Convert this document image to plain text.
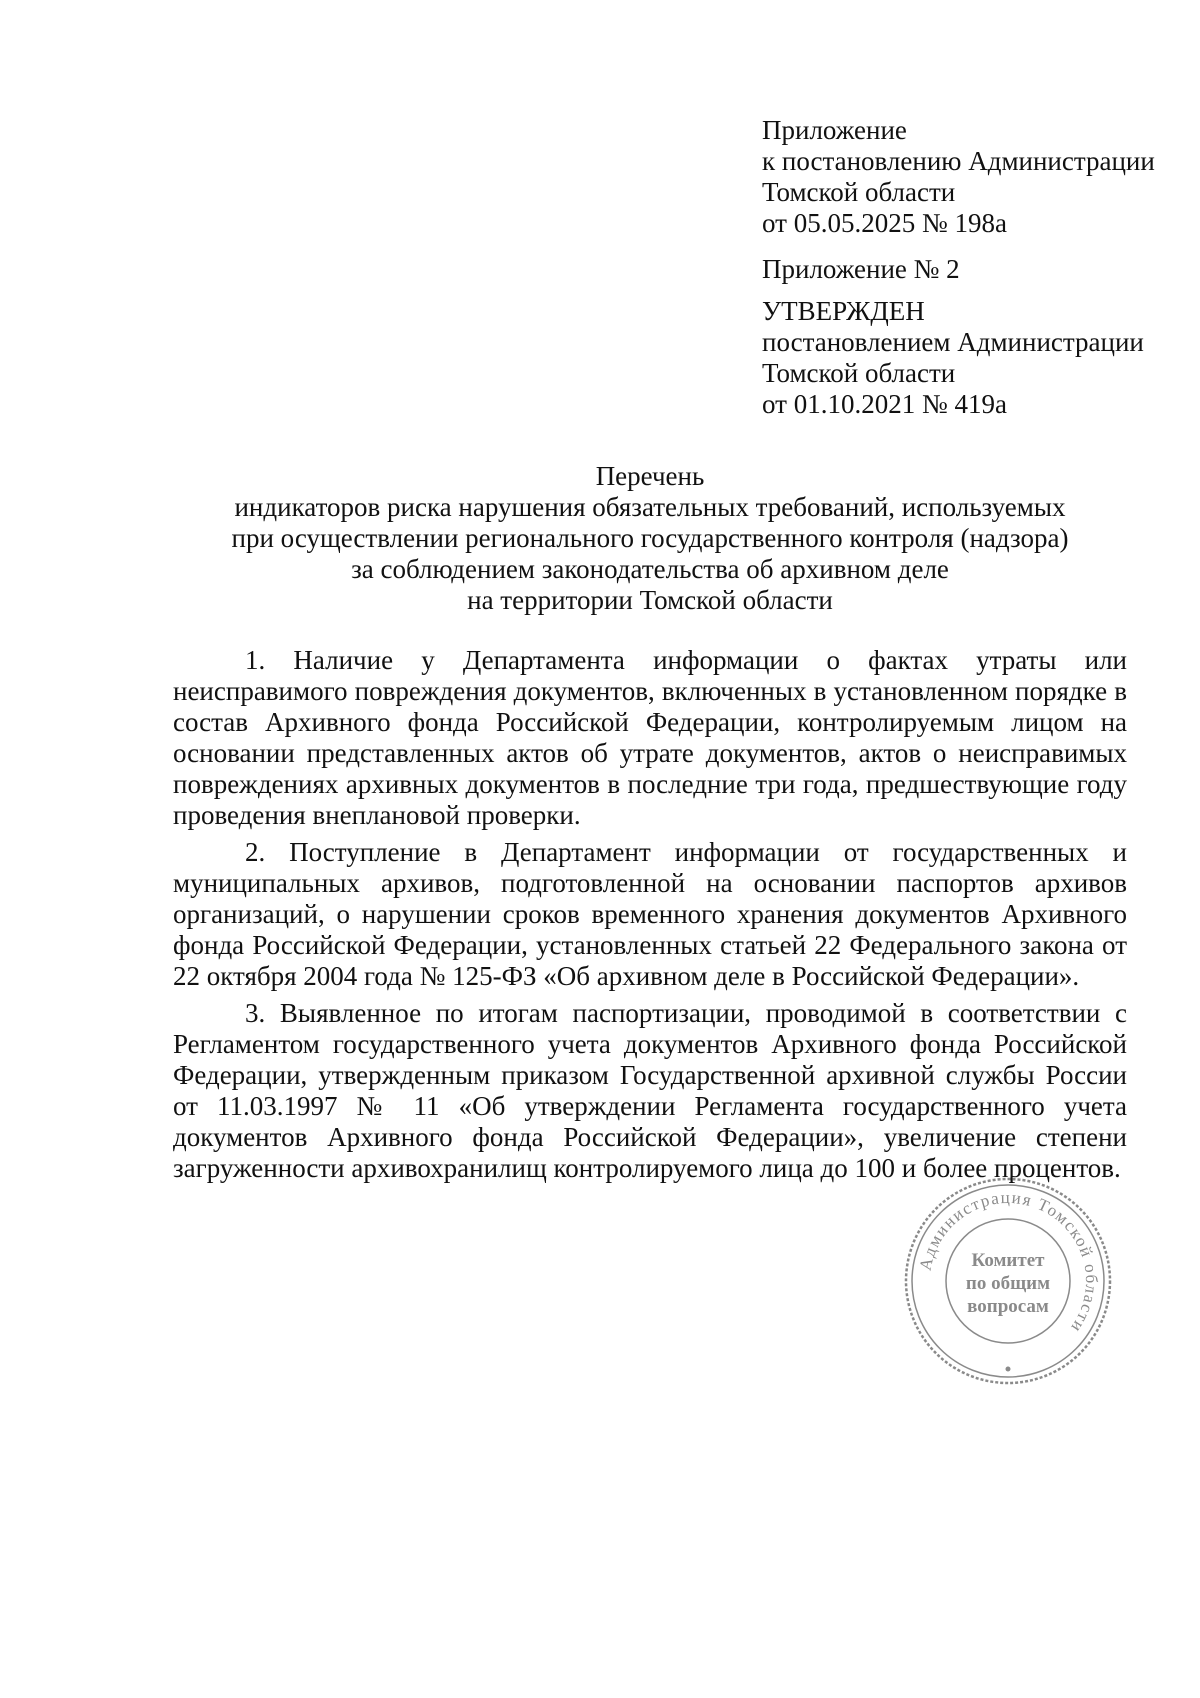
Приложение
к постановлению Администрации
Томской области
от 05.05.2025 № 198а
Приложение № 2
УТВЕРЖДЕН
постановлением Администрации
Томской области
от 01.10.2021 № 419а
Перечень
индикаторов риска нарушения обязательных требований, используемых
при осуществлении регионального государственного контроля (надзора)
за соблюдением законодательства об архивном деле
на территории Томской области

1. Наличие у Департамента информации о фактах утраты или неисправимого повреждения документов, включенных в установленном порядке в состав Архивного фонда Российской Федерации, контролируемым лицом на основании представленных актов об утрате документов, актов о неисправимых повреждениях архивных документов в последние три года, предшествующие году проведения внеплановой проверки.

2. Поступление в Департамент информации от государственных и муниципальных архивов, подготовленной на основании паспортов архивов организаций, о нарушении сроков временного хранения документов Архивного фонда Российской Федерации, установленных статьей 22 Федерального закона от 22 октября 2004 года № 125-ФЗ «Об архивном деле в Российской Федерации».

3. Выявленное по итогам паспортизации, проводимой в соответствии с Регламентом государственного учета документов Архивного фонда Российской Федерации, утвержденным приказом Государственной архивной службы России от 11.03.1997 № 11 «Об утверждении Регламента государственного учета документов Архивного фонда Российской Федерации», увеличение степени загруженности архивохранилищ контролируемого лица до 100 и более процентов.

Администрация Томской области
Комитет
по общим
вопросам
